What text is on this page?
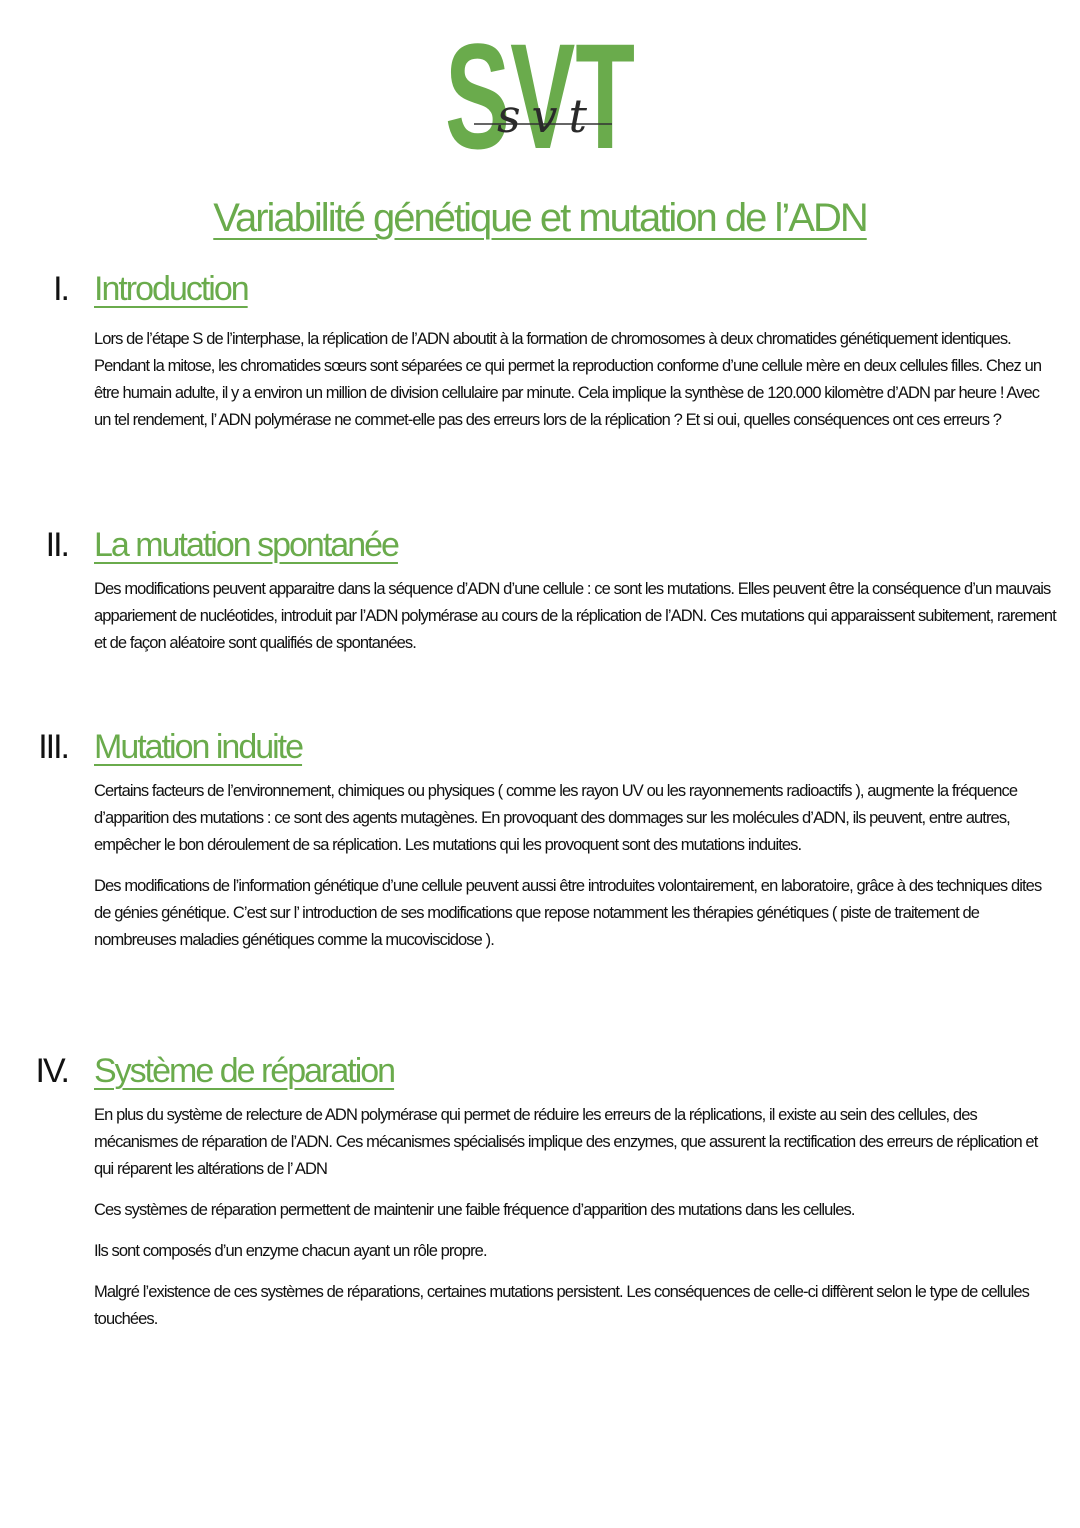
SVT
svt
Variabilité génétique et mutation de l’ADN
I. Introduction

Lors de l’étape S de l’interphase, la réplication de l’ADN aboutit à la formation de chromosomes à deux chromatides génétiquement identiques. Pendant la mitose, les chromatides sœurs sont séparées ce qui permet la reproduction conforme d’une cellule mère en deux cellules filles. Chez un être humain adulte, il y a environ un million de division cellulaire par minute. Cela implique la synthèse de 120.000 kilomètre d’ADN par heure ! Avec un tel rendement, l’ ADN polymérase ne commet-elle pas des erreurs lors de la réplication ? Et si oui, quelles conséquences ont ces erreurs ?

II. La mutation spontanée

Des modifications peuvent apparaitre dans la séquence d’ADN d’une cellule : ce sont les mutations. Elles peuvent être la conséquence d’un mauvais appariement de nucléotides, introduit par l’ADN polymérase au cours de la réplication de l’ADN. Ces mutations qui apparaissent subitement, rarement et de façon aléatoire sont qualifiés de spontanées.

III. Mutation induite

Certains facteurs de l’environnement, chimiques ou physiques ( comme les rayon UV ou les rayonnements radioactifs ), augmente la fréquence d’apparition des mutations : ce sont des agents mutagènes. En provoquant des dommages sur les molécules d’ADN, ils peuvent, entre autres, empêcher le bon déroulement de sa réplication. Les mutations qui les provoquent sont des mutations induites.

Des modifications de l’information génétique d’une cellule peuvent aussi être introduites volontairement, en laboratoire, grâce à des techniques dites de génies génétique. C’est sur l’ introduction de ses modifications que repose notamment les thérapies génétiques ( piste de traitement de nombreuses maladies génétiques comme la mucoviscidose ).

IV. Système de réparation

En plus du système de relecture de ADN polymérase qui permet de réduire les erreurs de la réplications, il existe au sein des cellules, des mécanismes de réparation de l’ADN. Ces mécanismes spécialisés implique des enzymes, que assurent la rectification des erreurs de réplication et qui réparent les altérations de l’ ADN

Ces systèmes de réparation permettent de maintenir une faible fréquence d’apparition des mutations dans les cellules.

Ils sont composés d’un enzyme chacun ayant un rôle propre.

Malgré l’existence de ces systèmes de réparations, certaines mutations persistent. Les conséquences de celle-ci diffèrent selon le type de cellules touchées.
